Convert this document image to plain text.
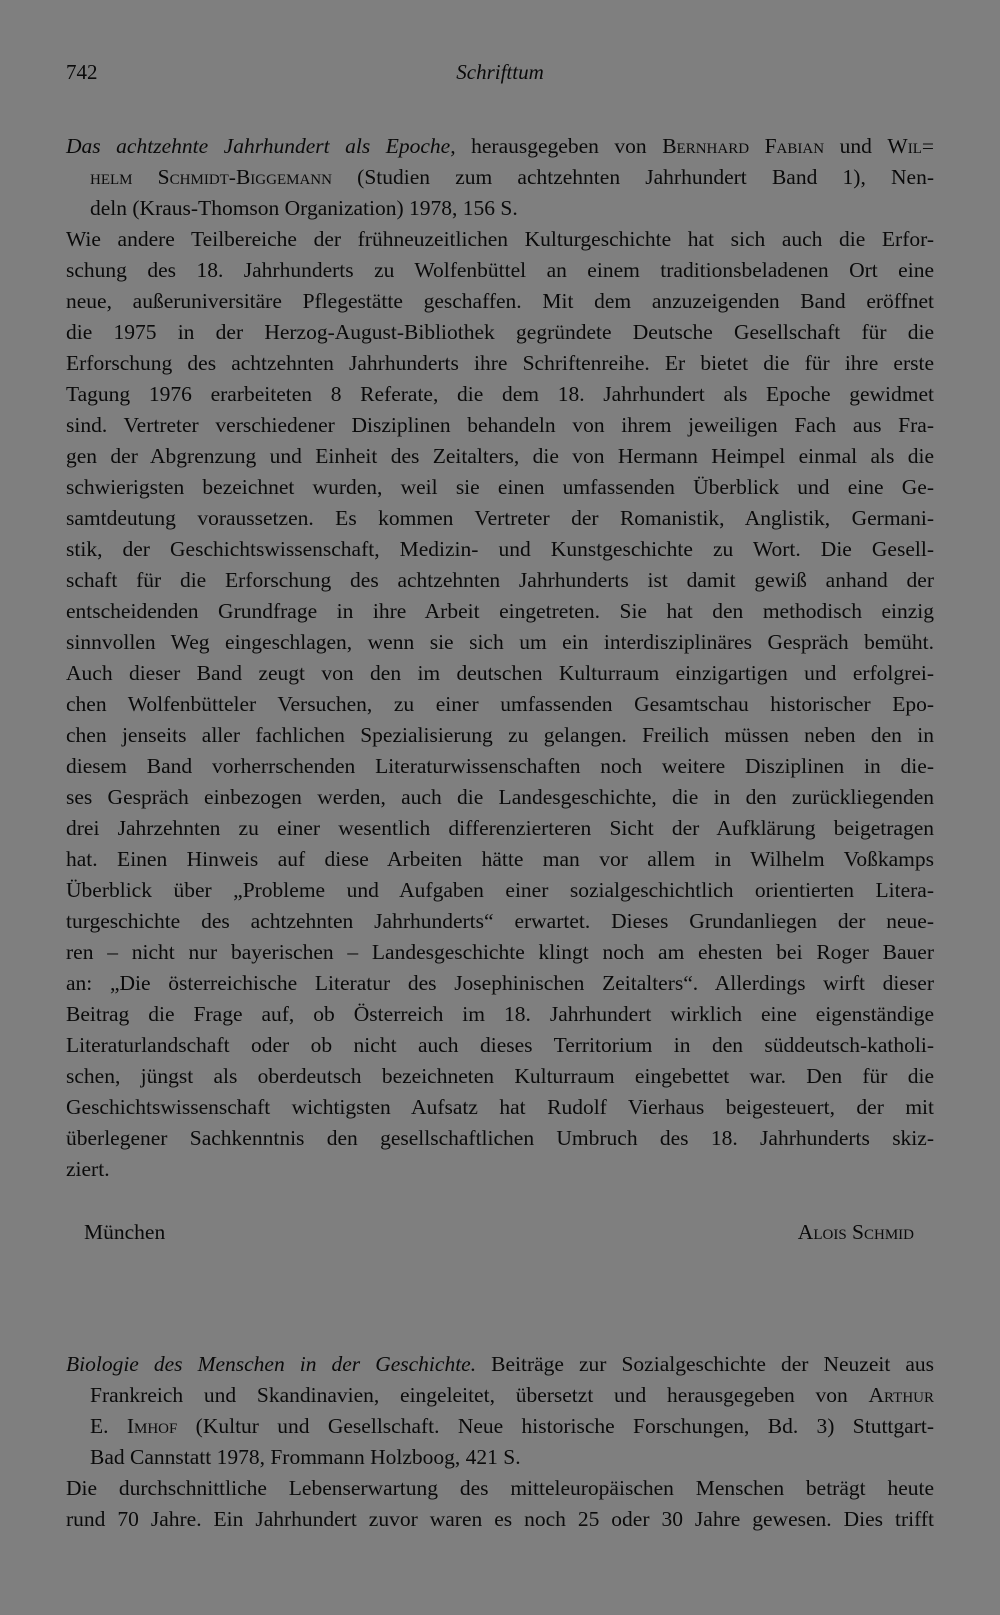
742	Schrifttum
Das achtzehnte Jahrhundert als Epoche, herausgegeben von Bernhard Fabian und Wil=
helm Schmidt-Biggemann (Studien zum achtzehnten Jahrhundert Band 1), Nen-
deln (Kraus-Thomson Organization) 1978, 156 S.
Wie andere Teilbereiche der frühneuzeitlichen Kulturgeschichte hat sich auch die Erfor-
schung des 18. Jahrhunderts zu Wolfenbüttel an einem traditionsbeladenen Ort eine
neue, außeruniversitäre Pflegestätte geschaffen. Mit dem anzuzeigenden Band eröffnet
die 1975 in der Herzog-August-Bibliothek gegründete Deutsche Gesellschaft für die
Erforschung des achtzehnten Jahrhunderts ihre Schriftenreihe. Er bietet die für ihre erste
Tagung 1976 erarbeiteten 8 Referate, die dem 18. Jahrhundert als Epoche gewidmet
sind. Vertreter verschiedener Disziplinen behandeln von ihrem jeweiligen Fach aus Fra-
gen der Abgrenzung und Einheit des Zeitalters, die von Hermann Heimpel einmal als die
schwierigsten bezeichnet wurden, weil sie einen umfassenden Überblick und eine Ge-
samtdeutung voraussetzen. Es kommen Vertreter der Romanistik, Anglistik, Germani-
stik, der Geschichtswissenschaft, Medizin- und Kunstgeschichte zu Wort. Die Gesell-
schaft für die Erforschung des achtzehnten Jahrhunderts ist damit gewiß anhand der
entscheidenden Grundfrage in ihre Arbeit eingetreten. Sie hat den methodisch einzig
sinnvollen Weg eingeschlagen, wenn sie sich um ein interdisziplinäres Gespräch bemüht.
Auch dieser Band zeugt von den im deutschen Kulturraum einzigartigen und erfolgrei-
chen Wolfenbütteler Versuchen, zu einer umfassenden Gesamtschau historischer Epo-
chen jenseits aller fachlichen Spezialisierung zu gelangen. Freilich müssen neben den in
diesem Band vorherrschenden Literaturwissenschaften noch weitere Disziplinen in die-
ses Gespräch einbezogen werden, auch die Landesgeschichte, die in den zurückliegenden
drei Jahrzehnten zu einer wesentlich differenzierteren Sicht der Aufklärung beigetragen
hat. Einen Hinweis auf diese Arbeiten hätte man vor allem in Wilhelm Voßkamps
Überblick über „Probleme und Aufgaben einer sozialgeschichtlich orientierten Litera-
turgeschichte des achtzehnten Jahrhunderts“ erwartet. Dieses Grundanliegen der neue-
ren – nicht nur bayerischen – Landesgeschichte klingt noch am ehesten bei Roger Bauer
an: „Die österreichische Literatur des Josephinischen Zeitalters“. Allerdings wirft dieser
Beitrag die Frage auf, ob Österreich im 18. Jahrhundert wirklich eine eigenständige
Literaturlandschaft oder ob nicht auch dieses Territorium in den süddeutsch-katholi-
schen, jüngst als oberdeutsch bezeichneten Kulturraum eingebettet war. Den für die
Geschichtswissenschaft wichtigsten Aufsatz hat Rudolf Vierhaus beigesteuert, der mit
überlegener Sachkenntnis den gesellschaftlichen Umbruch des 18. Jahrhunderts skiz-
ziert.
München	Alois Schmid
Biologie des Menschen in der Geschichte. Beiträge zur Sozialgeschichte der Neuzeit aus
Frankreich und Skandinavien, eingeleitet, übersetzt und herausgegeben von Arthur
E. Imhof (Kultur und Gesellschaft. Neue historische Forschungen, Bd. 3) Stuttgart-
Bad Cannstatt 1978, Frommann Holzboog, 421 S.
Die durchschnittliche Lebenserwartung des mitteleuropäischen Menschen beträgt heute
rund 70 Jahre. Ein Jahrhundert zuvor waren es noch 25 oder 30 Jahre gewesen. Dies trifft
